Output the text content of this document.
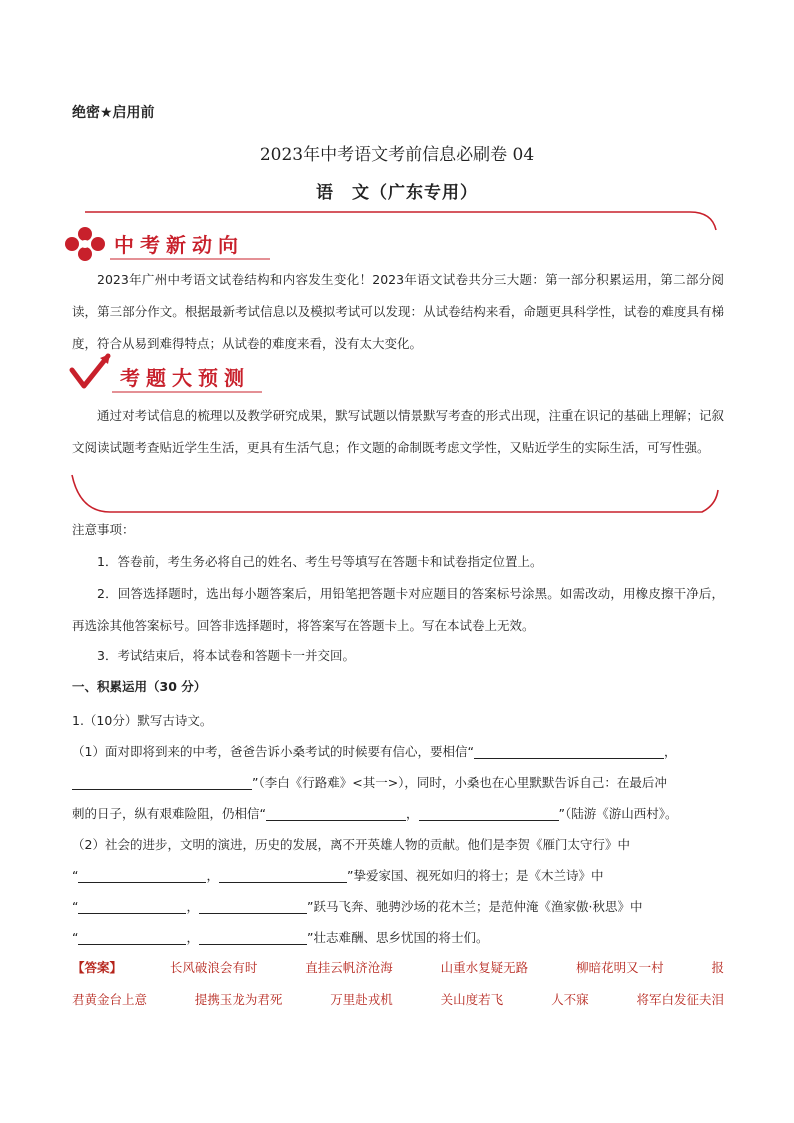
绝密★启用前
2023年中考语文考前信息必刷卷 04
语　文（广东专用）
中考新动向
2023年广州中考语文试卷结构和内容发生变化！2023年语文试卷共分三大题：第一部分积累运用，第二部分阅读，第三部分作文。根据最新考试信息以及模拟考试可以发现：从试卷结构来看，命题更具科学性，试卷的难度具有梯度，符合从易到难得特点；从试卷的难度来看，没有太大变化。
考题大预测
通过对考试信息的梳理以及教学研究成果，默写试题以情景默写考查的形式出现，注重在识记的基础上理解；记叙文阅读试题考查贴近学生生活，更具有生活气息；作文题的命制既考虑文学性，又贴近学生的实际生活，可写性强。
注意事项：
1．答卷前，考生务必将自己的姓名、考生号等填写在答题卡和试卷指定位置上。
2．回答选择题时，选出每小题答案后，用铅笔把答题卡对应题目的答案标号涂黑。如需改动，用橡皮擦干净后，再选涂其他答案标号。回答非选择题时，将答案写在答题卡上。写在本试卷上无效。
3．考试结束后，将本试卷和答题卡一并交回。
一、积累运用（30 分）
1.（10分）默写古诗文。
（1）面对即将到来的中考，爸爸告诉小桑考试的时候要有信心，要相信“	，
”（李白《行路难》<其一>），同时，小桑也在心里默默告诉自己：在最后冲
刺的日子，纵有艰难险阻，仍相信“	，	”（陆游《游山西村》。
（2）社会的进步，文明的演进，历史的发展，离不开英雄人物的贡献。他们是李贺《雁门太守行》中
“	，	”挚爱家国、视死如归的将士；是《木兰诗》中
“	，	”跃马飞奔、驰骋沙场的花木兰；是范仲淹《渔家傲·秋思》中
“	，	”壮志难酬、思乡忧国的将士们。
【答案】	长风破浪会有时	直挂云帆济沧海	山重水复疑无路	柳暗花明又一村	报
君黄金台上意	提携玉龙为君死	万里赴戎机	关山度若飞	人不寐	将军白发征夫泪
